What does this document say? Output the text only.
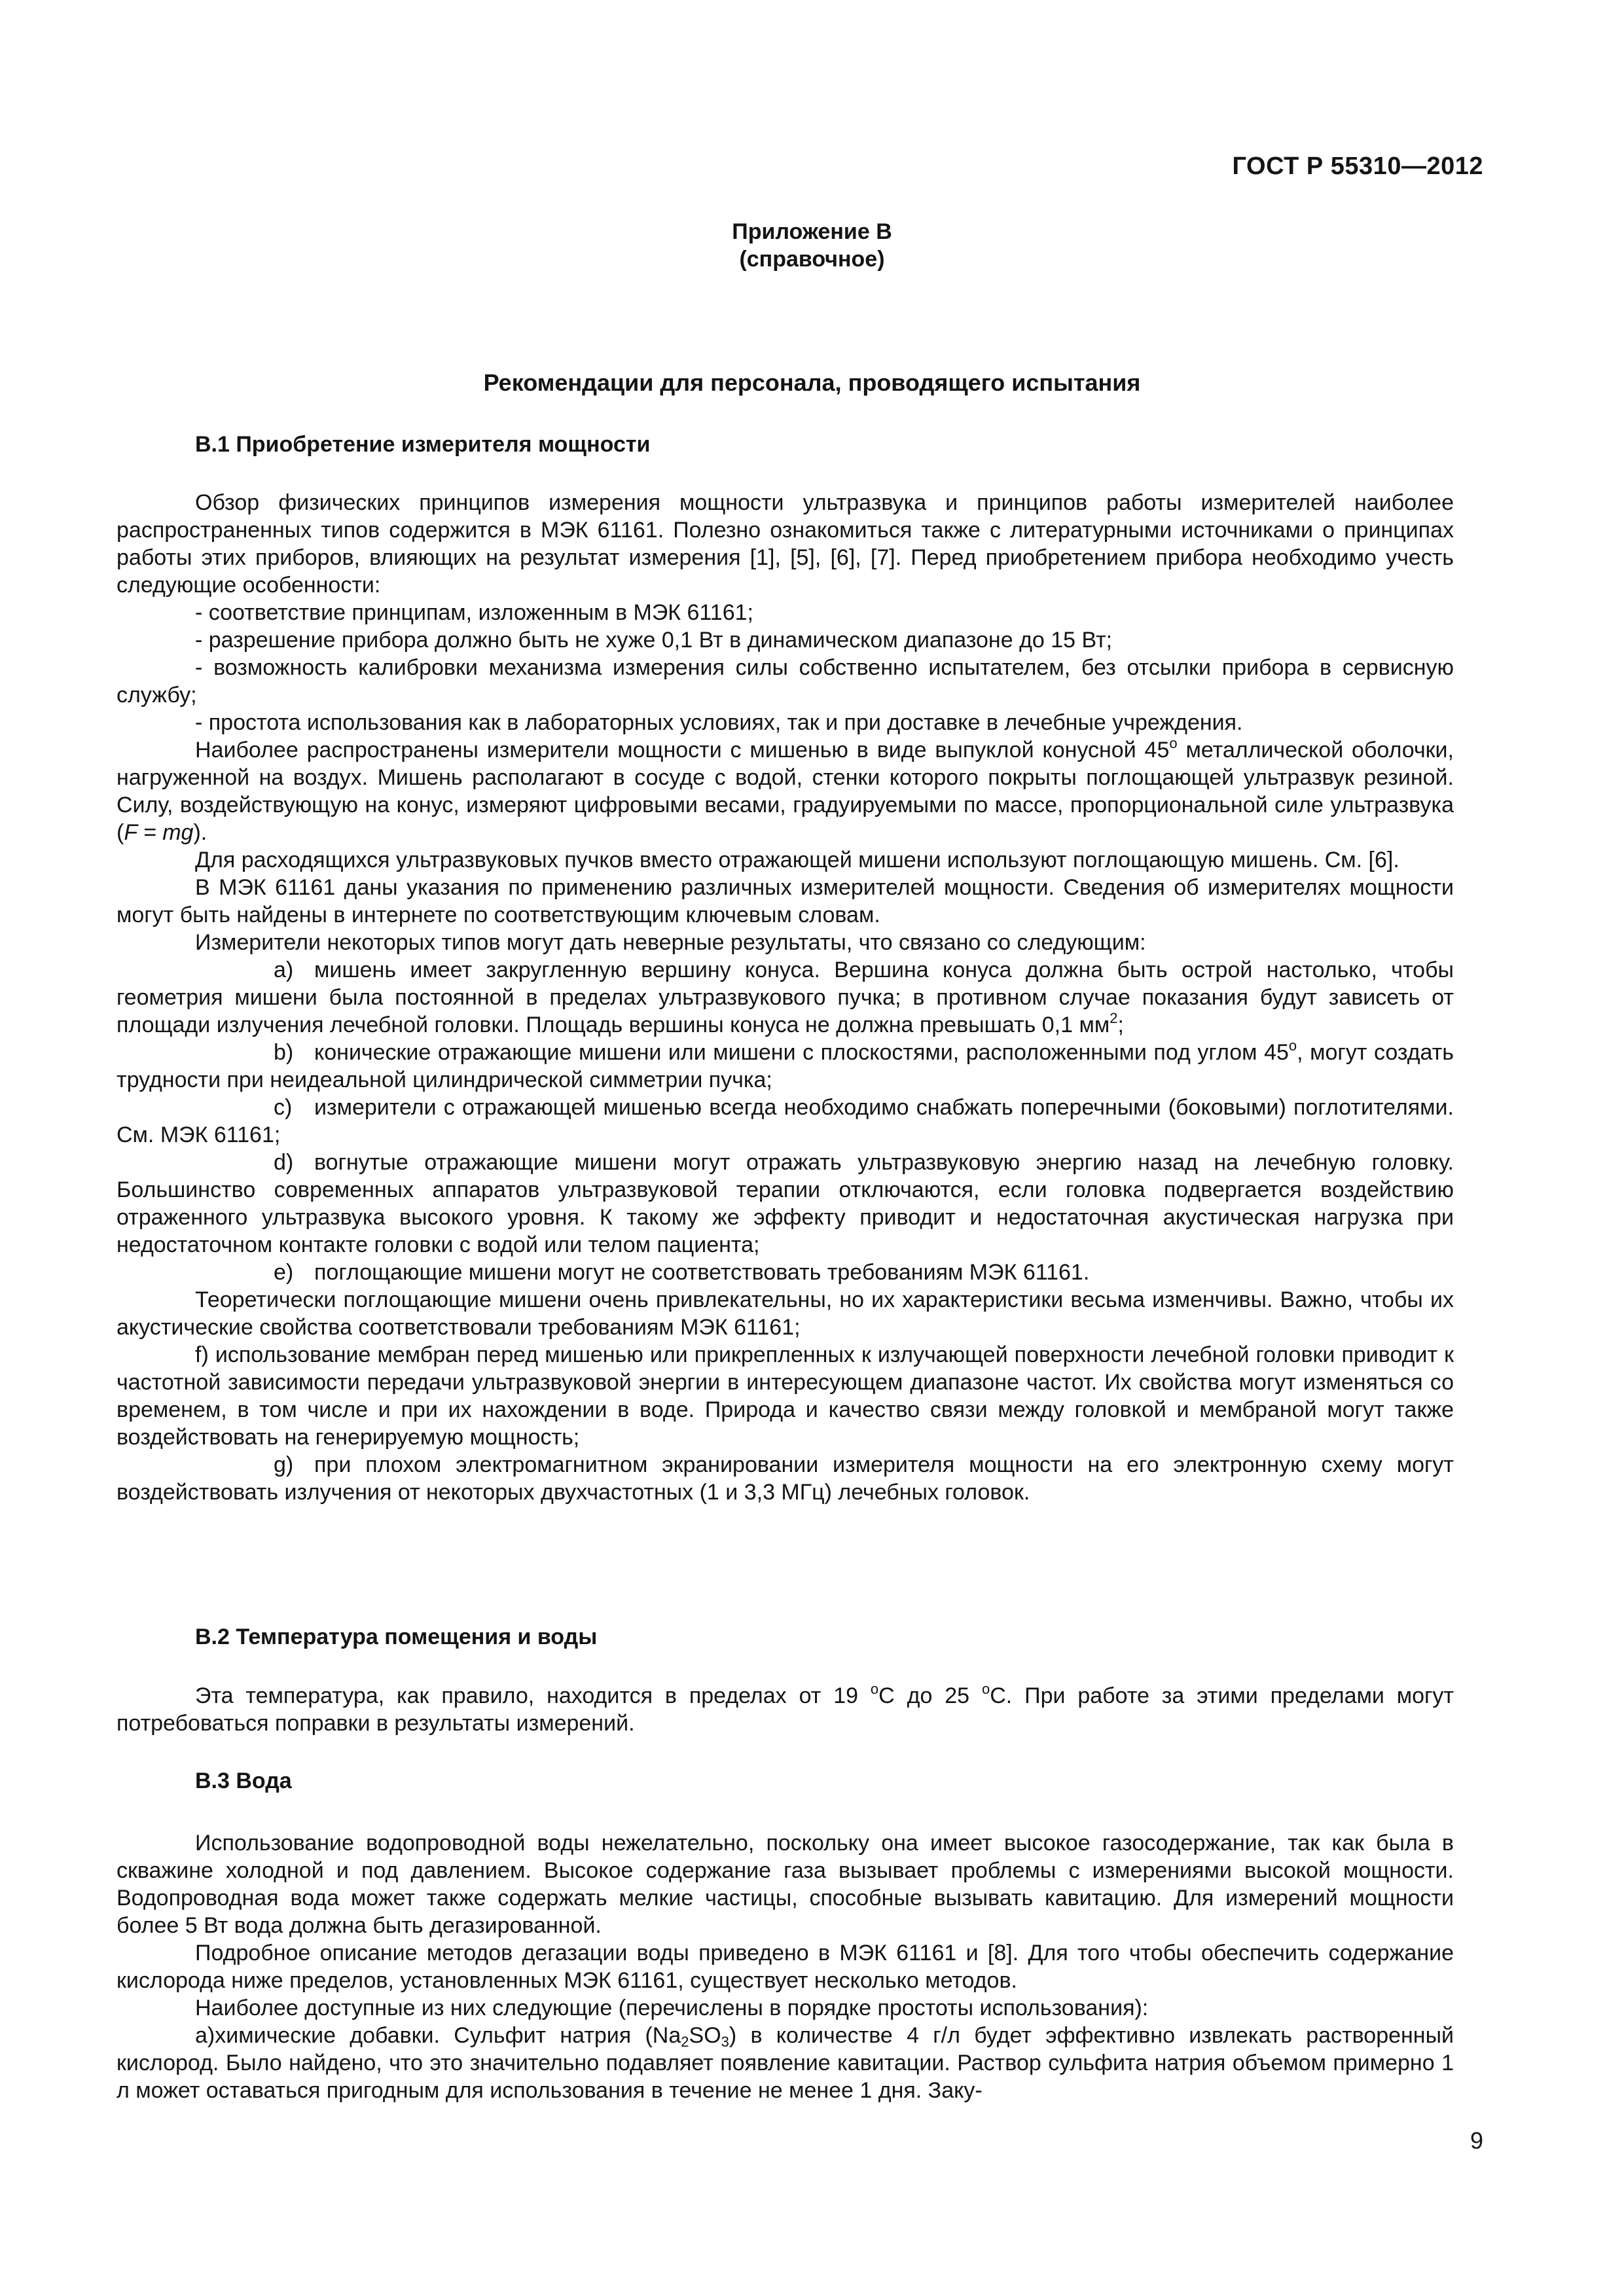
ГОСТ Р 55310—2012
Приложение В
(справочное)
Рекомендации для персонала, проводящего испытания
В.1 Приобретение измерителя мощности

Обзор физических принципов измерения мощности ультразвука и принципов работы измерителей наиболее распространенных типов содержится в МЭК 61161. Полезно ознакомиться также с литературными источниками о принципах работы этих приборов, влияющих на результат измерения [1], [5], [6], [7]. Перед приобретением прибора необходимо учесть следующие особенности:

- соответствие принципам, изложенным в МЭК 61161;

- разрешение прибора должно быть не хуже 0,1 Вт в динамическом диапазоне до 15 Вт;

- возможность калибровки механизма измерения силы собственно испытателем, без отсылки прибора в сервисную службу;

- простота использования как в лабораторных условиях, так и при доставке в лечебные учреждения.

Наиболее распространены измерители мощности с мишенью в виде выпуклой конусной $45^о$ металлической оболочки, нагруженной на воздух. Мишень располагают в сосуде с водой, стенки которого покрыты поглощающей ультразвук резиной. Силу, воздействующую на конус, измеряют цифровыми весами, градуируемыми по массе, пропорциональной силе ультразвука (F = mg).

Для расходящихся ультразвуковых пучков вместо отражающей мишени используют поглощающую мишень. См. [6].

В МЭК 61161 даны указания по применению различных измерителей мощности. Сведения об измерителях мощности могут быть найдены в интернете по соответствующим ключевым словам.

Измерители некоторых типов могут дать неверные результаты, что связано со следующим:

а) мишень имеет закругленную вершину конуса. Вершина конуса должна быть острой настолько, чтобы геометрия мишени была постоянной в пределах ультразвукового пучка; в противном случае показания будут зависеть от площади излучения лечебной головки. Площадь вершины конуса не должна превышать 0,1 $мм^2$;

b) конические отражающие мишени или мишени с плоскостями, расположенными под углом $45^о$, могут создать трудности при неидеальной цилиндрической симметрии пучка;

c) измерители с отражающей мишенью всегда необходимо снабжать поперечными (боковыми) поглотителями. См. МЭК 61161;

d) вогнутые отражающие мишени могут отражать ультразвуковую энергию назад на лечебную головку. Большинство современных аппаратов ультразвуковой терапии отключаются, если головка подвергается воздействию отраженного ультразвука высокого уровня. К такому же эффекту приводит и недостаточная акустическая нагрузка при недостаточном контакте головки с водой или телом пациента;

e) поглощающие мишени могут не соответствовать требованиям МЭК 61161.

Теоретически поглощающие мишени очень привлекательны, но их характеристики весьма изменчивы. Важно, чтобы их акустические свойства соответствовали требованиям МЭК 61161;

f) использование мембран перед мишенью или прикрепленных к излучающей поверхности лечебной головки приводит к частотной зависимости передачи ультразвуковой энергии в интересующем диапазоне частот. Их свойства могут изменяться со временем, в том числе и при их нахождении в воде. Природа и качество связи между головкой и мембраной могут также воздействовать на генерируемую мощность;

g) при плохом электромагнитном экранировании измерителя мощности на его электронную схему могут воздействовать излучения от некоторых двухчастотных (1 и 3,3 МГц) лечебных головок.

В.2 Температура помещения и воды

Эта температура, как правило, находится в пределах от 19 $^о$С до 25 $^о$С. При работе за этими пределами могут потребоваться поправки в результаты измерений.

В.3 Вода

Использование водопроводной воды нежелательно, поскольку она имеет высокое газосодержание, так как была в скважине холодной и под давлением. Высокое содержание газа вызывает проблемы с измерениями высокой мощности. Водопроводная вода может также содержать мелкие частицы, способные вызывать кавитацию. Для измерений мощности более 5 Вт вода должна быть дегазированной.

Подробное описание методов дегазации воды приведено в МЭК 61161 и [8]. Для того чтобы обеспечить содержание кислорода ниже пределов, установленных МЭК 61161, существует несколько методов.

Наиболее доступные из них следующие (перечислены в порядке простоты использования):

а)химические добавки. Сульфит натрия $(Na_2SO_3)$ в количестве 4 г/л будет эффективно извлекать растворенный кислород. Было найдено, что это значительно подавляет появление кавитации. Раствор сульфита натрия объемом примерно 1 л может оставаться пригодным для использования в течение не менее 1 дня. Заку-

9
